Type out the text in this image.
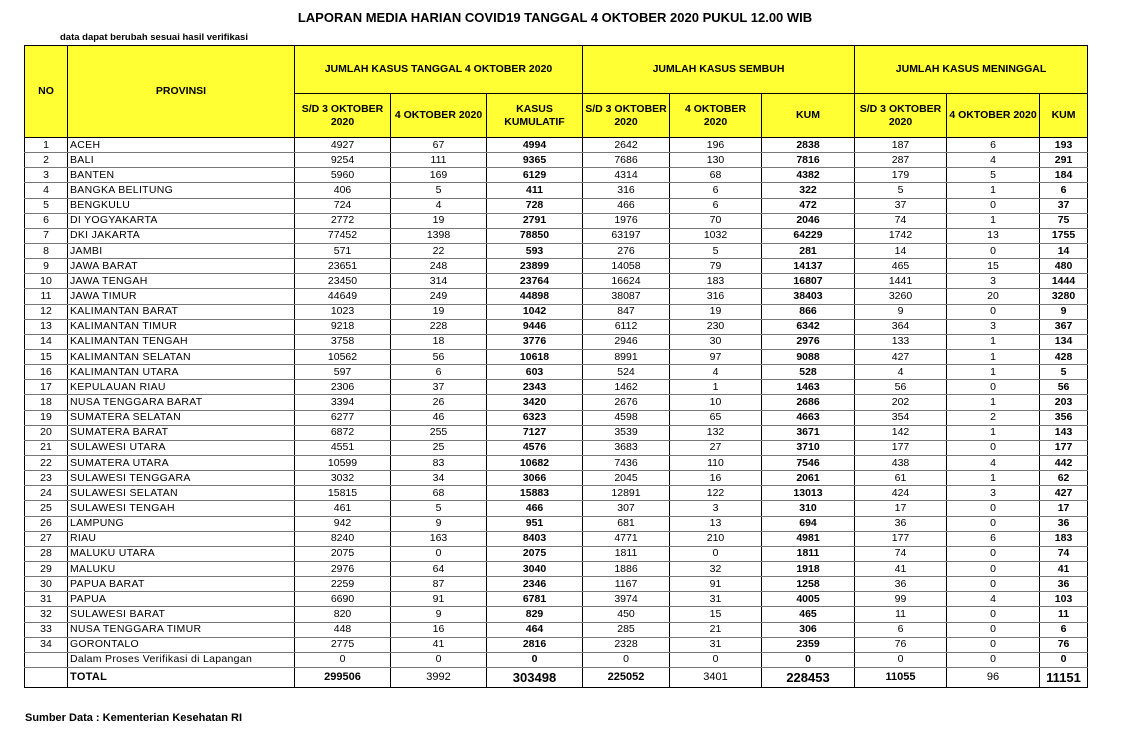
LAPORAN MEDIA HARIAN COVID19 TANGGAL 4 OKTOBER 2020 PUKUL 12.00 WIB
data dapat berubah sesuai hasil verifikasi
NO	PROVINSI	JUMLAH KASUS TANGGAL 4 OKTOBER 2020			JUMLAH KASUS SEMBUH			JUMLAH KASUS MENINGGAL		
		S/D 3 OKTOBER 2020	4 OKTOBER 2020	KASUS KUMULATIF	S/D 3 OKTOBER 2020	4 OKTOBER 2020	KUM	S/D 3 OKTOBER 2020	4 OKTOBER 2020	KUM
1	ACEH	4927	67	4994	2642	196	2838	187	6	193
2	BALI	9254	111	9365	7686	130	7816	287	4	291
3	BANTEN	5960	169	6129	4314	68	4382	179	5	184
4	BANGKA BELITUNG	406	5	411	316	6	322	5	1	6
5	BENGKULU	724	4	728	466	6	472	37	0	37
6	DI YOGYAKARTA	2772	19	2791	1976	70	2046	74	1	75
7	DKI JAKARTA	77452	1398	78850	63197	1032	64229	1742	13	1755
8	JAMBI	571	22	593	276	5	281	14	0	14
9	JAWA BARAT	23651	248	23899	14058	79	14137	465	15	480
10	JAWA TENGAH	23450	314	23764	16624	183	16807	1441	3	1444
11	JAWA TIMUR	44649	249	44898	38087	316	38403	3260	20	3280
12	KALIMANTAN BARAT	1023	19	1042	847	19	866	9	0	9
13	KALIMANTAN TIMUR	9218	228	9446	6112	230	6342	364	3	367
14	KALIMANTAN TENGAH	3758	18	3776	2946	30	2976	133	1	134
15	KALIMANTAN SELATAN	10562	56	10618	8991	97	9088	427	1	428
16	KALIMANTAN UTARA	597	6	603	524	4	528	4	1	5
17	KEPULAUAN RIAU	2306	37	2343	1462	1	1463	56	0	56
18	NUSA TENGGARA BARAT	3394	26	3420	2676	10	2686	202	1	203
19	SUMATERA SELATAN	6277	46	6323	4598	65	4663	354	2	356
20	SUMATERA BARAT	6872	255	7127	3539	132	3671	142	1	143
21	SULAWESI UTARA	4551	25	4576	3683	27	3710	177	0	177
22	SUMATERA UTARA	10599	83	10682	7436	110	7546	438	4	442
23	SULAWESI TENGGARA	3032	34	3066	2045	16	2061	61	1	62
24	SULAWESI SELATAN	15815	68	15883	12891	122	13013	424	3	427
25	SULAWESI TENGAH	461	5	466	307	3	310	17	0	17
26	LAMPUNG	942	9	951	681	13	694	36	0	36
27	RIAU	8240	163	8403	4771	210	4981	177	6	183
28	MALUKU UTARA	2075	0	2075	1811	0	1811	74	0	74
29	MALUKU	2976	64	3040	1886	32	1918	41	0	41
30	PAPUA BARAT	2259	87	2346	1167	91	1258	36	0	36
31	PAPUA	6690	91	6781	3974	31	4005	99	4	103
32	SULAWESI BARAT	820	9	829	450	15	465	11	0	11
33	NUSA TENGGARA TIMUR	448	16	464	285	21	306	6	0	6
34	GORONTALO	2775	41	2816	2328	31	2359	76	0	76
	Dalam Proses Verifikasi di Lapangan	0	0	0	0	0	0	0	0	0
	TOTAL	299506	3992	303498	225052	3401	228453	11055	96	11151
Sumber Data : Kementerian Kesehatan RI
